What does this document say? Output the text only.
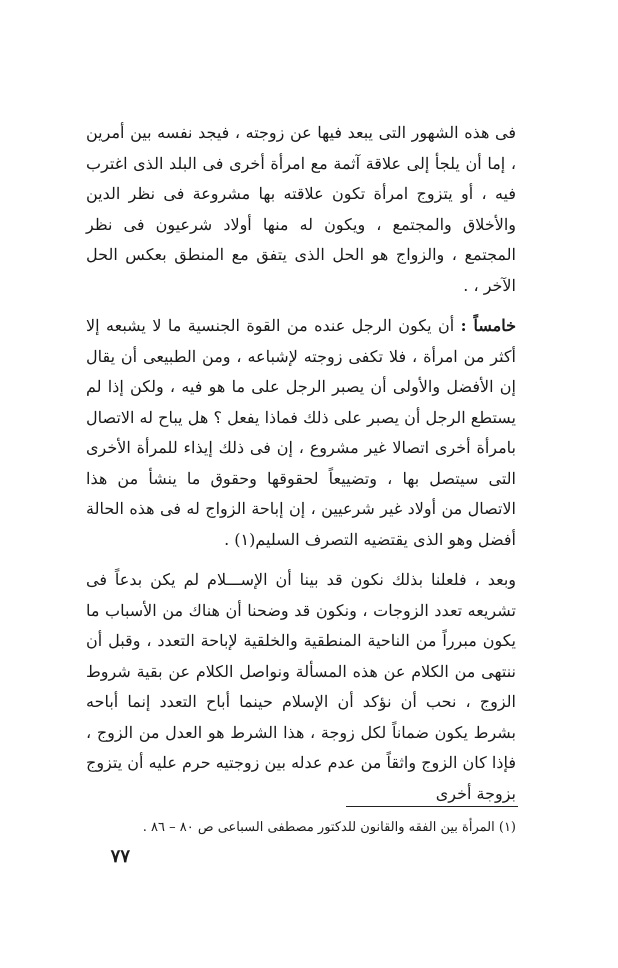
فى هذه الشهور التى يبعد فيها عن زوجته ، فيجد نفسه بين أمرين ، إما أن يلجأ إلى علاقة آثمة مع امرأة أخرى فى البلد الذى اغترب فيه ، أو يتزوج امرأة تكون علاقته بها مشروعة فى نظر الدين والأخلاق والمجتمع ، ويكون له منها أولاد شرعيون فى نظر المجتمع ، والزواج هو الحل الذى يتفق مع المنطق بعكس الحل الآخر ، .

خامساً : أن يكون الرجل عنده من القوة الجنسية ما لا يشبعه إلا أكثر من امرأة ، فلا تكفى زوجته لإشباعه ، ومن الطبيعى أن يقال إن الأفضل والأولى أن يصبر الرجل على ما هو فيه ، ولكن إذا لم يستطع الرجل أن يصبر على ذلك فماذا يفعل ؟ هل يباح له الاتصال بامرأة أخرى اتصالا غير مشروع ، إن فى ذلك إيذاء للمرأة الأخرى التى سيتصل بها ، وتضييعاً لحقوقها وحقوق ما ينشأ من هذا الاتصال من أولاد غير شرعيين ، إن إباحة الزواج له فى هذه الحالة أفضل وهو الذى يقتضيه التصرف السليم(١) .

وبعد ، فلعلنا بذلك نكون قد بينا أن الإســـلام لم يكن بدعاً فى تشريعه تعدد الزوجات ، ونكون قد وضحنا أن هناك من الأسباب ما يكون مبرراً من الناحية المنطقية والخلقية لإباحة التعدد ، وقبل أن ننتهى من الكلام عن هذه المسألة ونواصل الكلام عن بقية شروط الزوج ، نحب أن نؤكد أن الإسلام حينما أباح التعدد إنما أباحه بشرط يكون ضماناً لكل زوجة ، هذا الشرط هو العدل من الزوج ، فإذا كان الزوج واثقاً من عدم عدله بين زوجتيه حرم عليه أن يتزوج بزوجة أخرى

(١) المرأة بين الفقه والقانون للدكتور مصطفى السباعى ص ٨٠ – ٨٦ .
٧٧
